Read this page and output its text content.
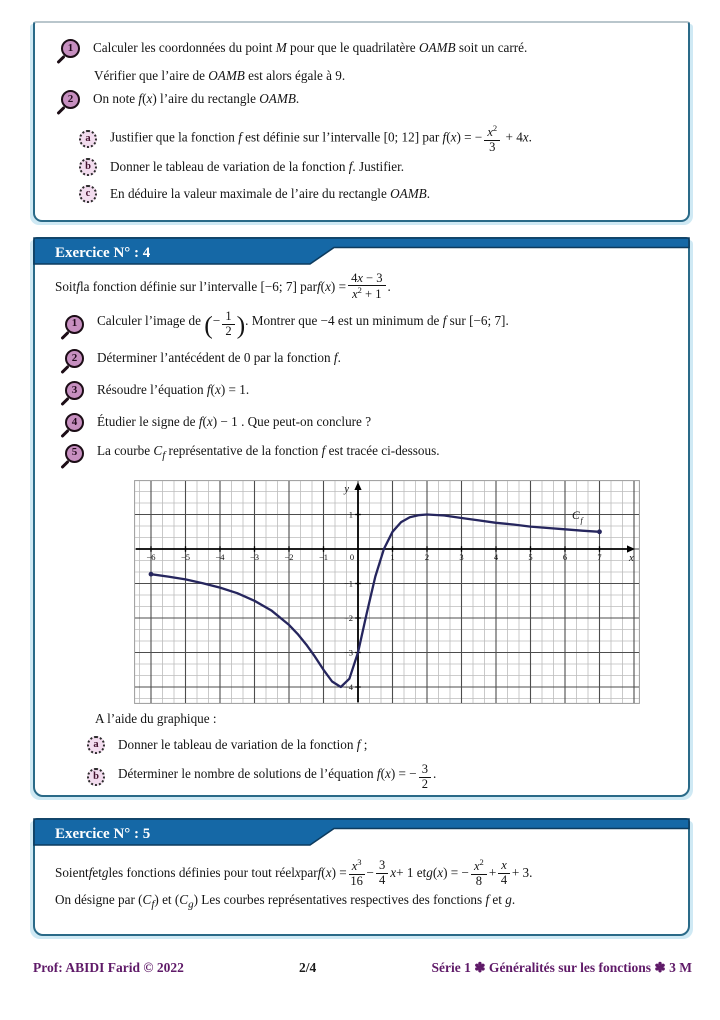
1	Calculer les coordonnées du point M pour que le quadrilatère OAMB soit un carré.
Vérifier que l’aire de OAMB est alors égale à 9.
2	On note f(x) l’aire du rectangle OAMB.
a	Justifier que la fonction f est définie sur l’intervalle [0; 12] par f(x) = − $\frac{x^2}{3} + 4x$.
b	Donner le tableau de variation de la fonction f. Justifier.
c	En déduire la valeur maximale de l’aire du rectangle OAMB.
Exercice N° : 4
Soit f la fonction définie sur l’intervalle [−6; 7] par f ( x ) =
4x − 3
$x^2 + 1$
.
1	Calculer l’image de (− $\frac{1}{2}$ ). Montrer que −4 est un minimum de f sur [−6; 7].
2	Déterminer l’antécédent de 0 par la fonction f.
3	Résoudre l’équation f(x) = 1.
4	Étudier le signe de f(x) − 1 . Que peut-on conclure ?
5	La courbe $C_f$ représentative de la fonction f est tracée ci-dessous.
−6	−5	−4	−3	−2	−1	0	1	2	3	4	5	6	7
1
−1
−2
−3
−4
x
y
C f
A l’aide du graphique :
a	Donner le tableau de variation de la fonction f ;
b	Déterminer le nombre de solutions de l’équation f(x) = − $\frac{3}{2}$ .
Exercice N° : 5
Soient f et g les fonctions définies pour tout réel x par f ( x ) = $x^3$
16
− 3
4 x + 1 et g ( x ) = − $x^2$
8
+ x
4 + 3.
On désigne par $(C_f)$ et $(C_g)$ Les courbes représentatives respectives des fonctions f et g.
Prof: ABIDI Farid © 2022	2/4	Série 1 ✽ Généralités sur les fonctions ✽ 3 M
